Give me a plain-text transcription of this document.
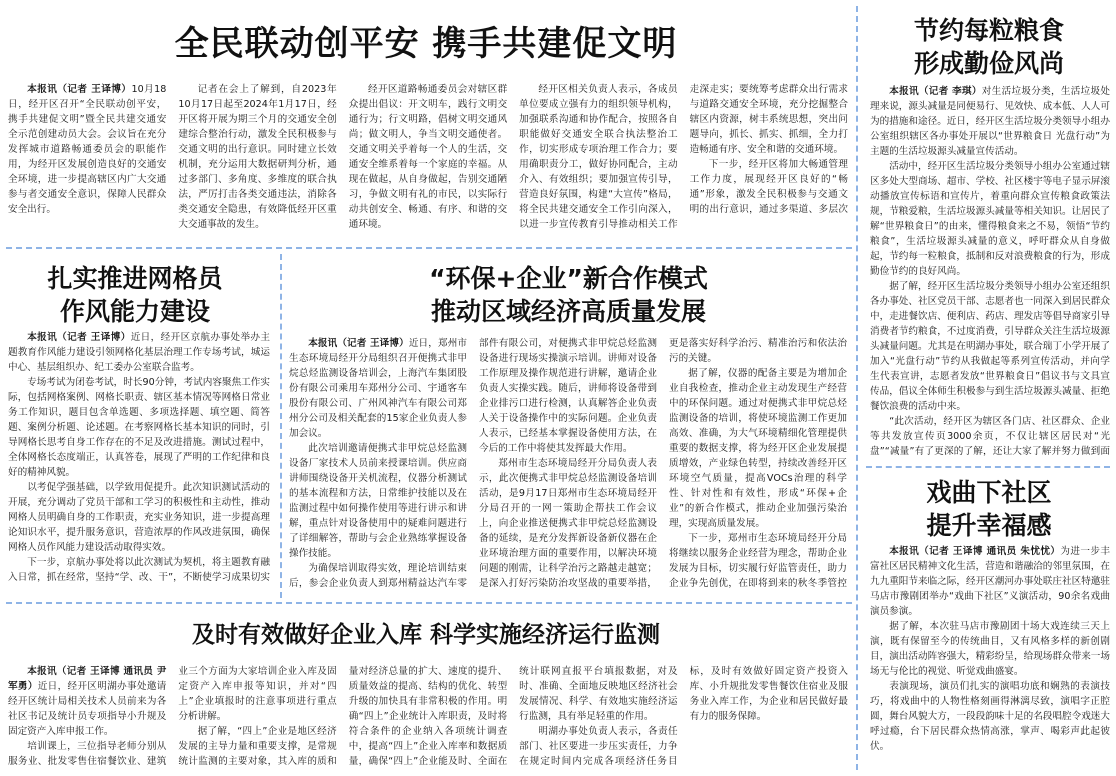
全民联动创平安 携手共建促文明

本报讯（记者 王译博）10月18日，经开区召开“全民联动创平安，携手共建促文明”暨全民共建交通安全示范创建动员大会。会议旨在充分发挥城市道路畅通委员会的职能作用，为经开区发展创造良好的交通安全环境，进一步提高辖区内广大交通参与者交通安全意识，保障人民群众安全出行。

记者在会上了解到，自2023年10月17日起至2024年1月17日，经开区将开展为期三个月的交通安全创建综合整治行动，激发全民积极参与交通文明的出行意识。同时建立长效机制，充分运用大数据研判分析，通过多部门、多角度、多维度的联合执法，严厉打击各类交通违法，消除各类交通安全隐患，有效降低经开区重大交通事故的发生。

经开区道路畅通委员会对辖区群众提出倡议：开文明车，践行文明交通行为；行文明路，倡树文明交通风尚；做文明人，争当文明交通使者。交通文明关乎着每一个人的生活，交通安全维系着每一个家庭的幸福。从现在做起，从自身做起，告别交通陋习，争做文明有礼的市民，以实际行动共创安全、畅通、有序、和谐的交通环境。

经开区相关负责人表示，各成员单位要成立强有力的组织领导机构，加强联系沟通和协作配合，按照各自职能做好交通安全联合执法整治工作，切实形成专项治理工作合力；要用确职责分工，做好协同配合，主动介入、有效组织；要加强宣传引导，营造良好氛围，构建“大宣传”格局，将全民共建交通安全工作引向深入，以进一步宣传教育引导推动相关工作走深走实；要统筹考虑群众出行需求与道路交通安全环境，充分挖掘整合辖区内资源，树丰系统思想，突出问题导向，抓长、抓实、抓细，全力打造畅通有序、安全和谐的交通环境。

下一步，经开区将加大畅通管理工作力度，展现经开区良好的“畅通”形象，激发全民积极参与交通文明的出行意识，通过多渠道、多层次

节约每粒粮食
形成勤俭风尚

本报讯（记者 李琪）对生活垃圾分类，生活垃圾处理来说，源头减量是同便易行、见效快、成本低、人人可为的措施和途径。近日，经开区生活垃圾分类领导小组办公室组织辖区各办事处开展以“世界粮食日 光盘行动”为主题的生活垃圾源头减量宣传活动。

活动中，经开区生活垃圾分类领导小组办公室通过辖区多处大型商场、超市、学校、社区楼宇等电子显示屏滚动播放宣传标语和宣传片，着重向群众宣传粮食政策法规，节粮爱粮，生活垃圾源头减量等相关知识。让居民了解“世界粮食日”的由来，懂得粮食来之不易，领悟“节约粮食”，生活垃圾源头减量的意义，呼吁群众从自身做起，节约每一粒粮食，抵制和反对浪费粮食的行为，形成勤俭节约的良好风尚。

据了解，经开区生活垃圾分类领导小组办公室还组织各办事处、社区党员干部、志愿者也一同深入到居民群众中，走进餐饮店、便利店、药店、理发店等倡导商家引导消费者节约粮食，不过度消费，引导群众关注生活垃圾源头减量问题。尤其是在明湖办事处，联合瑞丁小学开展了加入“光盘行动”节约从我做起等系列宣传活动，并向学生代表宣讲，志愿者发放“世界粮食日”倡议书与文具宣传品，倡议全体师生积极参与到生活垃圾源头减量、拒绝餐饮浪费的活动中来。

“此次活动，经开区为辖区各门店、社区群众、企业等共发放宣传页3000余页，不仅让辖区居民对“光盘”“减量”有了更深的了解，还让大家了解并努力做到面

扎实推进网格员
作风能力建设

本报讯（记者 王译博）近日，经开区京航办事处举办主题教育作风能力建设引领网格化基层治理工作专场考试，城运中心、基层组织办、纪工委办公室联合监考。

专场考试为闭卷考试，时长90分钟，考试内容聚焦工作实际，包括网格案例、网格长职责、辖区基本情况等网格日常业务工作知识，题目包含单选题、多项选择题、填空题、简答题、案例分析题、论述题。在考察网格长基本知识的同时，引导网格长思考自身工作存在的不足及改进措施。测试过程中，全体网格长态度端正，认真答卷，展现了严明的工作纪律和良好的精神风貌。

以考促学强基础，以学致用促提升。此次知识测试活动的开展，充分调动了党员干部和工学习的积极性和主动性，推动网格人员明确自身的工作职责，充实业务知识，进一步提高理论知识水平，提升服务意识，营造浓厚的作风改进氛围，确保网格人员作风能力建设活动取得实效。

下一步，京航办事处将以此次测试为契机，将主题教育融入日常，抓在经常，坚持“学、改、干”，不断使学习成果切实

“环保+企业”新合作模式
推动区域经济高质量发展

本报讯（记者 王译博）近日，郑州市生态环境局经开分局组织召开便携式非甲烷总烃监测设备培训会，上海汽车集团股份有限公司乘用车郑州分公司、宇通客车股份有限公司、广州风神汽车有限公司郑州分公司及相关配套的15家企业负责人参加会议。

此次培训邀请便携式非甲烷总烃监测设备厂家技术人员前来授课培训。供应商讲师围绕设备开关机流程，仪器分析测试的基本流程和方法，日常维护技能以及在监测过程中如何操作使用等进行讲示和讲解，重点针对设备使用中的疑难问题进行了详细解答，帮助与会企业熟练掌握设备操作技能。

为确保培训取得实效，理论培训结束后，参会企业负责人到郑州精益达汽车零部件有限公司，对便携式非甲烷总烃监测设备进行现场实操演示培训。讲师对设备工作原理及操作规范进行讲解，邀请企业负责人实操实践。随后，讲师将设备带到企业排污口进行检测，认真解答企业负责人关于设备操作中的实际问题。企业负责人表示，已经基本掌握设备使用方法，在今后的工作中将使其发挥最大作用。

郑州市生态环境局经开分局负责人表示，此次便携式非甲烷总烃监测设备培训活动，是9月17日郑州市生态环境局经开分局召开的一网一策助企帮扶工作会议上，向企业推送便携式非甲烷总烃监测设备的延续，是充分发挥新设备新仪器在企业环境治理方面的重要作用，以解决环境问题的刚需，让科学治污之路越走越宽；是深入打好污染防治攻坚战的重要举措，更是落实好科学治污、精准治污和依法治污的关键。

据了解，仪器的配备主要是为增加企业自我检查，推动企业主动发现生产经营中的环保问题。通过对便携式非甲烷总烃监测设备的培训，将使环境监测工作更加高效、准确，为大气环境精细化管理提供重要的数据支撑，将为经开区企业发展提质增效，产业绿色转型，持续改善经开区环境空气质量，提高VOCs治理的科学性、针对性和有效性，形成“环保+企业”的新合作模式，推动企业加强污染治理，实现高质量发展。

下一步，郑州市生态环境局经开分局将继续以服务企业经营为理念，帮助企业发展为目标，切实履行好监管责任，助力企业争先创优，在即将到来的秋冬季管控

戏曲下社区
提升幸福感

本报讯（记者 王译博 通讯员 朱忧忧）为进一步丰富社区居民精神文化生活，营造和谐融洽的邻里氛围，在九九重阳节来临之际，经开区潮河办事处联庄社区特邀驻马店市豫剧团举办“戏曲下社区”义演活动，90余名戏曲演员参演。

据了解，本次驻马店市豫剧团十场大戏连续三天上演，既有保留至今的传统曲目，又有风格多样的新创剧目，演出活动阵容强大，精彩纷呈，给现场群众带来一场场无与伦比的视觉、听觉戏曲盛宴。

表演现场，演员们扎实的演唱功底和娴熟的表演技巧，将戏曲中的人物性格刻画得淋漓尽致，演唱字正腔圆，舞台风貌大方，一段段韵味十足的名段唱腔令戏迷大呼过瘾，台下居民群众热情高涨，掌声、喝彩声此起彼伏。

及时有效做好企业入库 科学实施经济运行监测

本报讯（记者 王译博 通讯员 尹军勇）近日，经开区明湖办事处邀请经开区统计局相关技术人员前来为各社区书记及统计员专项指导小升规及固定资产入库申报工作。

培训课上，三位指导老师分别从服务业、批发零售住宿餐饮业、建筑业三个方面为大家培训企业入库及固定资产入库申报等知识，并对“四上”企业填报时的注意事项进行重点分析讲解。

据了解，“四上”企业是地区经济发展的主导力量和重要支撑，是常规统计监测的主要对象，其入库的质和量对经济总量的扩大、速度的提升、质量效益的提高、结构的优化、转型升级的加快具有非常积极的作用。明确“四上”企业统计入库职责，及时将符合条件的企业纳入各项统计调查中，提高“四上”企业入库率和数据质量，确保“四上”企业能及时、全面在统计联网直报平台填报数据，对及时、准确、全面地反映地区经济社会发展情况、科学、有效地实施经济运行监测，具有举足轻重的作用。

明湖办事处负责人表示，各责任部门、社区要进一步压实责任，力争在规定时间内完成各项经济任务目标，及时有效做好固定资产投资入库、小升规批发零售餐饮住宿业及服务业入库工作，为企业和居民做好最有力的服务保障。
